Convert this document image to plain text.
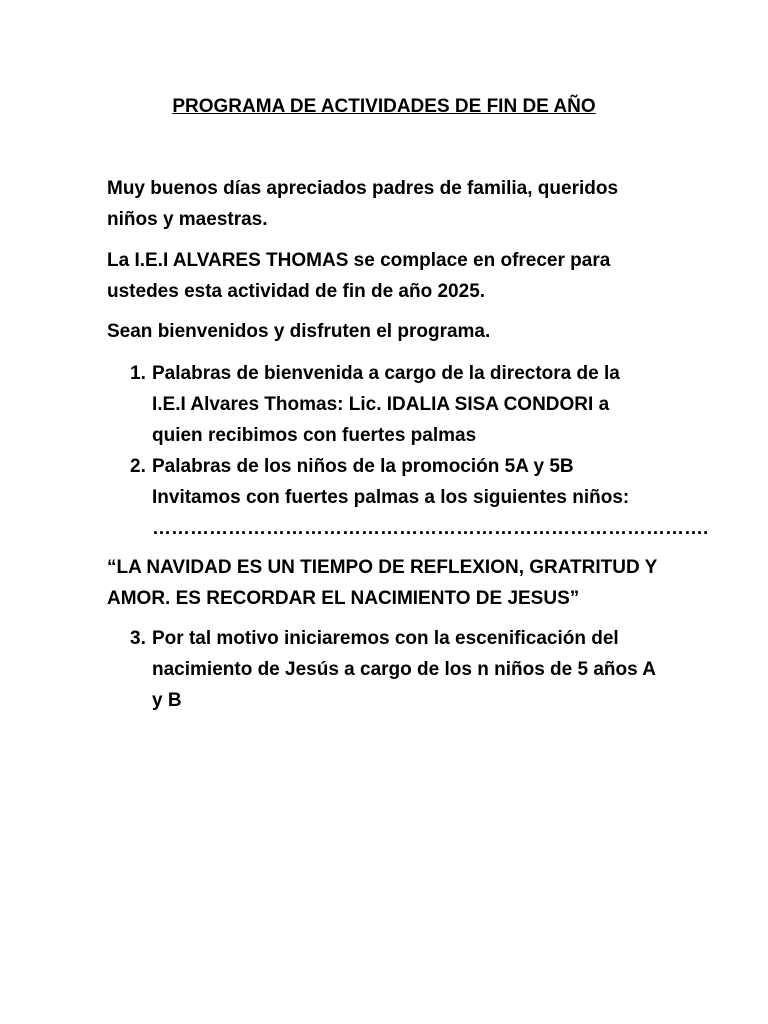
PROGRAMA DE ACTIVIDADES DE FIN DE AÑO
Muy buenos días apreciados padres de familia, queridos
niños y maestras.
La I.E.I ALVARES THOMAS se complace en ofrecer para
ustedes esta actividad de fin de año 2025.
Sean bienvenidos y disfruten el programa.
1. Palabras de bienvenida a cargo de la directora de la
I.E.I Alvares Thomas: Lic. IDALIA SISA CONDORI a
quien recibimos con fuertes palmas
2. Palabras de los niños de la promoción 5A y 5B
Invitamos con fuertes palmas a los siguientes niños:
…………………………………………………………………………….
“LA NAVIDAD ES UN TIEMPO DE REFLEXION, GRATRITUD Y
AMOR. ES RECORDAR EL NACIMIENTO DE JESUS”
3. Por tal motivo iniciaremos con la escenificación del
nacimiento de Jesús a cargo de los n niños de 5 años A
y B
